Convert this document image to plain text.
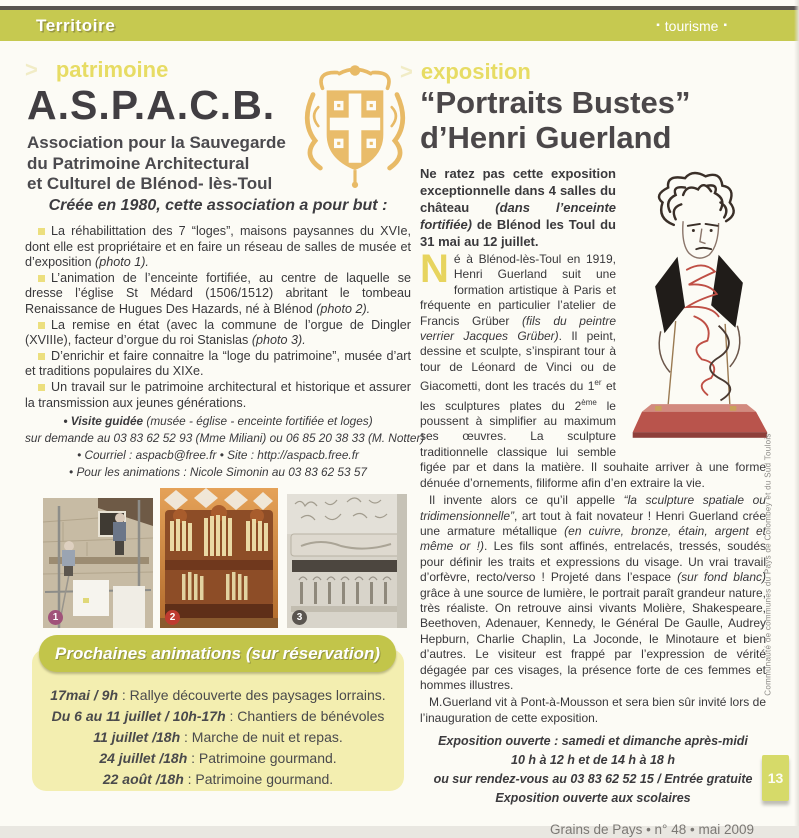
Territoire	▪ tourisme ▪
> patrimoine
A.S.P.A.C.B.
Association pour la Sauvegarde
du Patrimoine Architectural
et Culturel de Blénod- lès-Toul

Créée en 1980, cette association a pour but :

La réhabilittation des 7 “loges”, maisons paysannes du XVIe, dont elle est propriétaire et en faire un réseau de salles de musée et d’exposition (photo 1).

L’animation de l’enceinte fortifiée, au centre de laquelle se dresse l’église St Médard (1506/1512) abritant le tombeau Renaissance de Hugues Des Hazards, né à Blénod (photo 2).

La remise en état (avec la commune de l’orgue de Dingler (XVIIIe), facteur d’orgue du roi Stanislas (photo 3).

D’enrichir et faire connaitre la “loge du patrimoine”, musée d’art et traditions populaires du XIXe.

Un travail sur le patrimoine architectural et historique et assurer la transmission aux jeunes générations.

• Visite guidée (musée - église - enceinte fortifiée et loges)
sur demande au 03 83 62 52 93 (Mme Miliani) ou 06 85 20 38 33 (M. Notter)
• Courriel : aspacb@free.fr • Site : http://aspacb.free.fr
• Pour les animations : Nicole Simonin au 03 83 62 53 57
1	2	3
17mai / 9h : Rallye découverte des paysages lorrains.
Du 6 au 11 juillet / 10h-17h : Chantiers de bénévoles
11 juillet /18h : Marche de nuit et repas.
24 juillet /18h : Patrimoine gourmand.
22 août /18h : Patrimoine gourmand.
Prochaines animations (sur réservation)
> exposition
“Portraits Bustes”
d’Henri Guerland

Ne ratez pas cette exposition exceptionnelle dans 4 salles du château (dans l’enceinte fortifiée) de Blénod les Toul du 31 mai au 12 juillet.

Né à Blénod-lès-Toul en 1919, Henri Guerland suit une formation artistique à Paris et fréquente en particulier l’atelier de Francis Grüber (fils du peintre verrier Jacques Grüber). Il peint, dessine et sculpte, s’inspirant tour à tour de Léonard de Vinci ou de Giacometti, dont les tracés du 1er et les sculptures plates du 2ème le poussent à simplifier au maximum ses œuvres. La sculpture traditionnelle classique lui semble figée par et dans la matière. Il souhaite arriver à une forme dénuée d’ornements, filiforme afin d’en extraire la vie.

Il invente alors ce qu’il appelle “la sculpture spatiale ou tridimensionnelle”, art tout à fait novateur ! Henri Guerland crée une armature métallique (en cuivre, bronze, étain, argent et même or !). Les fils sont affinés, entrelacés, tressés, soudés pour définir les traits et expressions du visage. Un vrai travail d’orfèvre, recto/verso ! Projeté dans l’espace (sur fond blanc) grâce à une source de lumière, le portrait paraît grandeur nature, très réaliste. On retrouve ainsi vivants Molière, Shakespeare, Beethoven, Adenauer, Kennedy, le Général De Gaulle, Audrey Hepburn, Charlie Chaplin, La Joconde, le Minotaure et bien d’autres. Le visiteur est frappé par l’expression de vérité dégagée par ces visages, la présence forte de ces femmes et hommes illustres.

M.Guerland vit à Pont-à-Mousson et sera bien sûr invité lors de l’inauguration de cette exposition.

Exposition ouverte : samedi et dimanche après-midi
10 h à 12 h et de 14 h à 18 h
ou sur rendez-vous au 03 83 62 52 15 / Entrée gratuite
Exposition ouverte aux scolaires
Grains de Pays • n° 48 • mai 2009
Communauté de communes du Pays de Colombey et du Sud Toulois
13
